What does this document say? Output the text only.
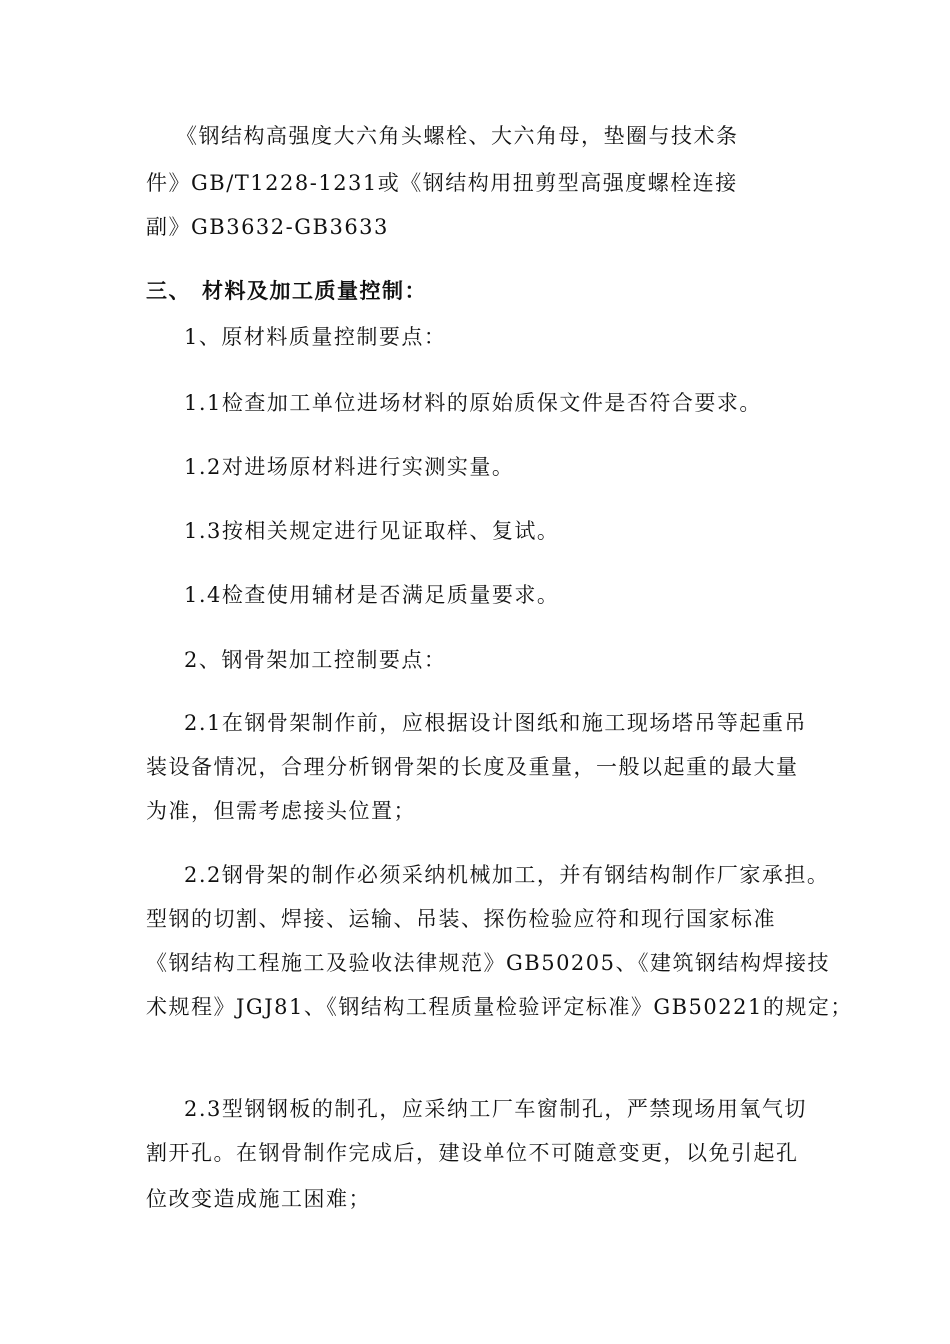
《钢结构高强度大六角头螺栓、大六角母，垫圈与技术条
件》GB/T1228-1231或《钢结构用扭剪型高强度螺栓连接
副》GB3632-GB3633
三、 材料及加工质量控制：
1、原材料质量控制要点：
1.1检查加工单位进场材料的原始质保文件是否符合要求。
1.2对进场原材料进行实测实量。
1.3按相关规定进行见证取样、复试。
1.4检查使用辅材是否满足质量要求。
2、钢骨架加工控制要点：
2.1在钢骨架制作前，应根据设计图纸和施工现场塔吊等起重吊
装设备情况，合理分析钢骨架的长度及重量，一般以起重的最大量
为准，但需考虑接头位置；
2.2钢骨架的制作必须采纳机械加工，并有钢结构制作厂家承担。
型钢的切割、焊接、运输、吊装、探伤检验应符和现行国家标准
《钢结构工程施工及验收法律规范》GB50205、《建筑钢结构焊接技
术规程》JGJ81、《钢结构工程质量检验评定标准》GB50221的规定；
2.3型钢钢板的制孔，应采纳工厂车窗制孔，严禁现场用氧气切
割开孔。在钢骨制作完成后，建设单位不可随意变更，以免引起孔
位改变造成施工困难；
